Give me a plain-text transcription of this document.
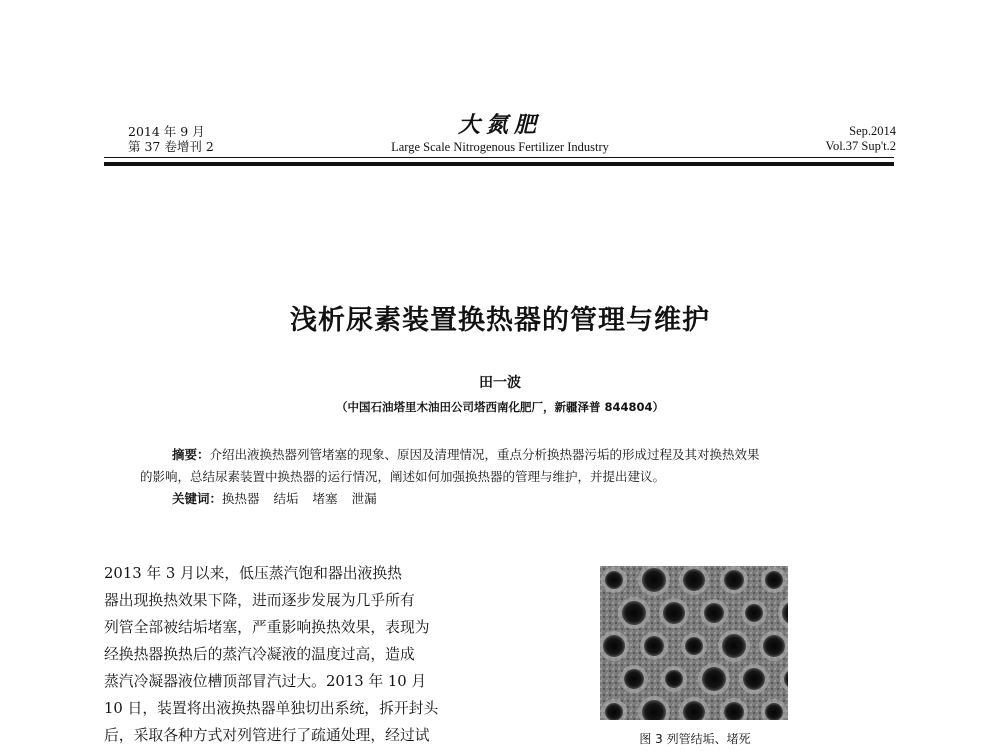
2014 年 9 月
第 37 卷增刊 2
大氮肥
Large Scale Nitrogenous Fertilizer Industry
Sep.2014
Vol.37 Sup't.2
浅析尿素装置换热器的管理与维护
田一波
（中国石油塔里木油田公司塔西南化肥厂，新疆泽普 844804）
摘要：介绍出液换热器列管堵塞的现象、原因及清理情况，重点分析换热器污垢的形成过程及其对换热效果
的影响，总结尿素装置中换热器的运行情况，阐述如何加强换热器的管理与维护，并提出建议。
关键词：换热器 结垢 堵塞 泄漏
2013 年 3 月以来，低压蒸汽饱和器出液换热
器出现换热效果下降，进而逐步发展为几乎所有
列管全部被结垢堵塞，严重影响换热效果，表现为
经换热器换热后的蒸汽冷凝液的温度过高，造成
蒸汽冷凝器液位槽顶部冒汽过大。2013 年 10 月
10 日，装置将出液换热器单独切出系统，拆开封头
后，采取各种方式对列管进行了疏通处理，经过试	图 3 列管结垢、堵死
